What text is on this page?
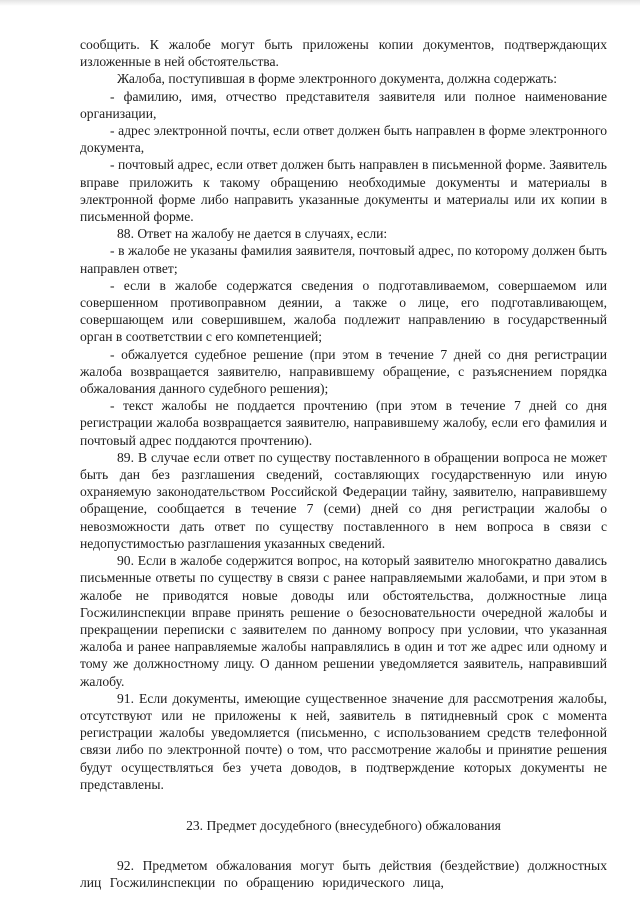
сообщить. К жалобе могут быть приложены копии документов, подтверждающих изложенные в ней обстоятельства.

Жалоба, поступившая в форме электронного документа, должна содержать:

- фамилию, имя, отчество представителя заявителя или полное наименование организации,

- адрес электронной почты, если ответ должен быть направлен в форме электронного документа,

- почтовый адрес, если ответ должен быть направлен в письменной форме. Заявитель вправе приложить к такому обращению необходимые документы и материалы в электронной форме либо направить указанные документы и материалы или их копии в письменной форме.

88. Ответ на жалобу не дается в случаях, если:

- в жалобе не указаны фамилия заявителя, почтовый адрес, по которому должен быть направлен ответ;

- если в жалобе содержатся сведения о подготавливаемом, совершаемом или совершенном противоправном деянии, а также о лице, его подготавливающем, совершающем или совершившем, жалоба подлежит направлению в государственный орган в соответствии с его компетенцией;

- обжалуется судебное решение (при этом в течение 7 дней со дня регистрации жалоба возвращается заявителю, направившему обращение, с разъяснением порядка обжалования данного судебного решения);

- текст жалобы не поддается прочтению (при этом в течение 7 дней со дня регистрации жалоба возвращается заявителю, направившему жалобу, если его фамилия и почтовый адрес поддаются прочтению).

89. В случае если ответ по существу поставленного в обращении вопроса не может быть дан без разглашения сведений, составляющих государственную или иную охраняемую законодательством Российской Федерации тайну, заявителю, направившему обращение, сообщается в течение 7 (семи) дней со дня регистрации жалобы о невозможности дать ответ по существу поставленного в нем вопроса в связи с недопустимостью разглашения указанных сведений.

90. Если в жалобе содержится вопрос, на который заявителю многократно давались письменные ответы по существу в связи с ранее направляемыми жалобами, и при этом в жалобе не приводятся новые доводы или обстоятельства, должностные лица Госжилинспекции вправе принять решение о безосновательности очередной жалобы и прекращении переписки с заявителем по данному вопросу при условии, что указанная жалоба и ранее направляемые жалобы направлялись в один и тот же адрес или одному и тому же должностному лицу. О данном решении уведомляется заявитель, направивший жалобу.

91. Если документы, имеющие существенное значение для рассмотрения жалобы, отсутствуют или не приложены к ней, заявитель в пятидневный срок с момента регистрации жалобы уведомляется (письменно, с использованием средств телефонной связи либо по электронной почте) о том, что рассмотрение жалобы и принятие решения будут осуществляться без учета доводов, в подтверждение которых документы не представлены.

23. Предмет досудебного (внесудебного) обжалования

92. Предметом обжалования могут быть действия (бездействие) должностных лиц Госжилинспекции по обращению юридического лица,
